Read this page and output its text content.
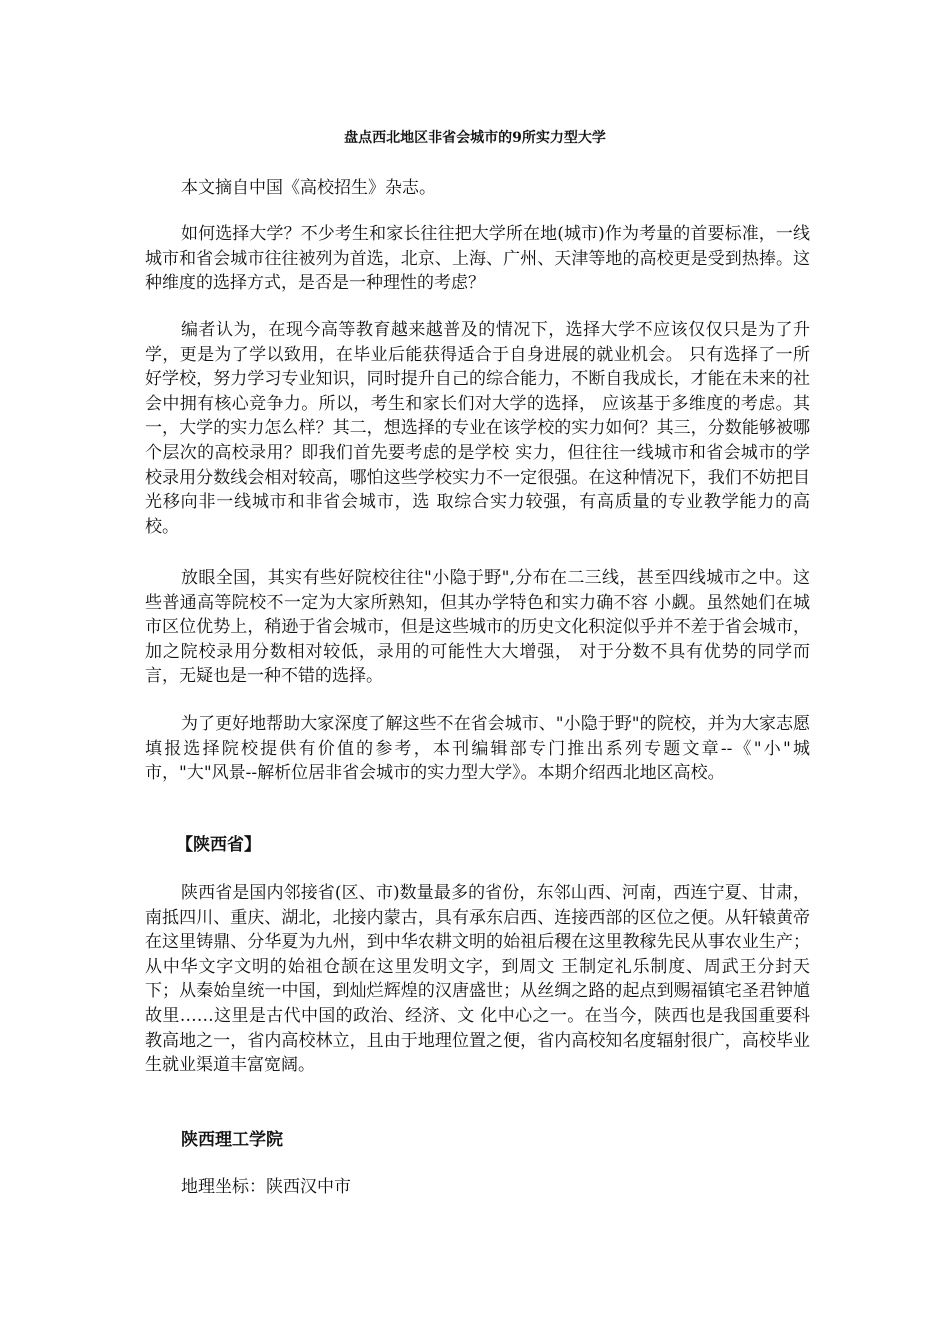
盘点西北地区非省会城市的9所实力型大学

本文摘自中国《高校招生》杂志。

如何选择大学？不少考生和家长往往把大学所在地(城市)作为考量的首要标准，一线城市和省会城市往往被列为首选，北京、上海、广州、天津等地的高校更是受到热捧。这种维度的选择方式，是否是一种理性的考虑？

编者认为，在现今高等教育越来越普及的情况下，选择大学不应该仅仅只是为了升学，更是为了学以致用，在毕业后能获得适合于自身进展的就业机会。 只有选择了一所好学校，努力学习专业知识，同时提升自己的综合能力，不断自我成长，才能在未来的社会中拥有核心竞争力。所以，考生和家长们对大学的选择， 应该基于多维度的考虑。其一，大学的实力怎么样？其二，想选择的专业在该学校的实力如何？其三，分数能够被哪个层次的高校录用？即我们首先要考虑的是学校 实力，但往往一线城市和省会城市的学校录用分数线会相对较高，哪怕这些学校实力不一定很强。在这种情况下，我们不妨把目光移向非一线城市和非省会城市，选 取综合实力较强，有高质量的专业教学能力的高校。

放眼全国，其实有些好院校往往"小隐于野",分布在二三线，甚至四线城市之中。这些普通高等院校不一定为大家所熟知，但其办学特色和实力确不容 小觑。虽然她们在城市区位优势上，稍逊于省会城市，但是这些城市的历史文化积淀似乎并不差于省会城市，加之院校录用分数相对较低，录用的可能性大大增强， 对于分数不具有优势的同学而言，无疑也是一种不错的选择。

为了更好地帮助大家深度了解这些不在省会城市、"小隐于野"的院校，并为大家志愿填报选择院校提供有价值的参考，本刊编辑部专门推出系列专题文章--《"小"城市，"大"风景--解析位居非省会城市的实力型大学》。本期介绍西北地区高校。

【陕西省】

陕西省是国内邻接省(区、市)数量最多的省份，东邻山西、河南，西连宁夏、甘肃，南抵四川、重庆、湖北，北接内蒙古，具有承东启西、连接西部的区位之便。从轩辕黄帝在这里铸鼎、分华夏为九州，到中华农耕文明的始祖后稷在这里教稼先民从事农业生产；从中华文字文明的始祖仓颉在这里发明文字，到周文 王制定礼乐制度、周武王分封天下；从秦始皇统一中国，到灿烂辉煌的汉唐盛世；从丝绸之路的起点到赐福镇宅圣君钟馗故里……这里是古代中国的政治、经济、文 化中心之一。在当今，陕西也是我国重要科教高地之一，省内高校林立，且由于地理位置之便，省内高校知名度辐射很广，高校毕业生就业渠道丰富宽阔。

陕西理工学院

地理坐标：陕西汉中市
